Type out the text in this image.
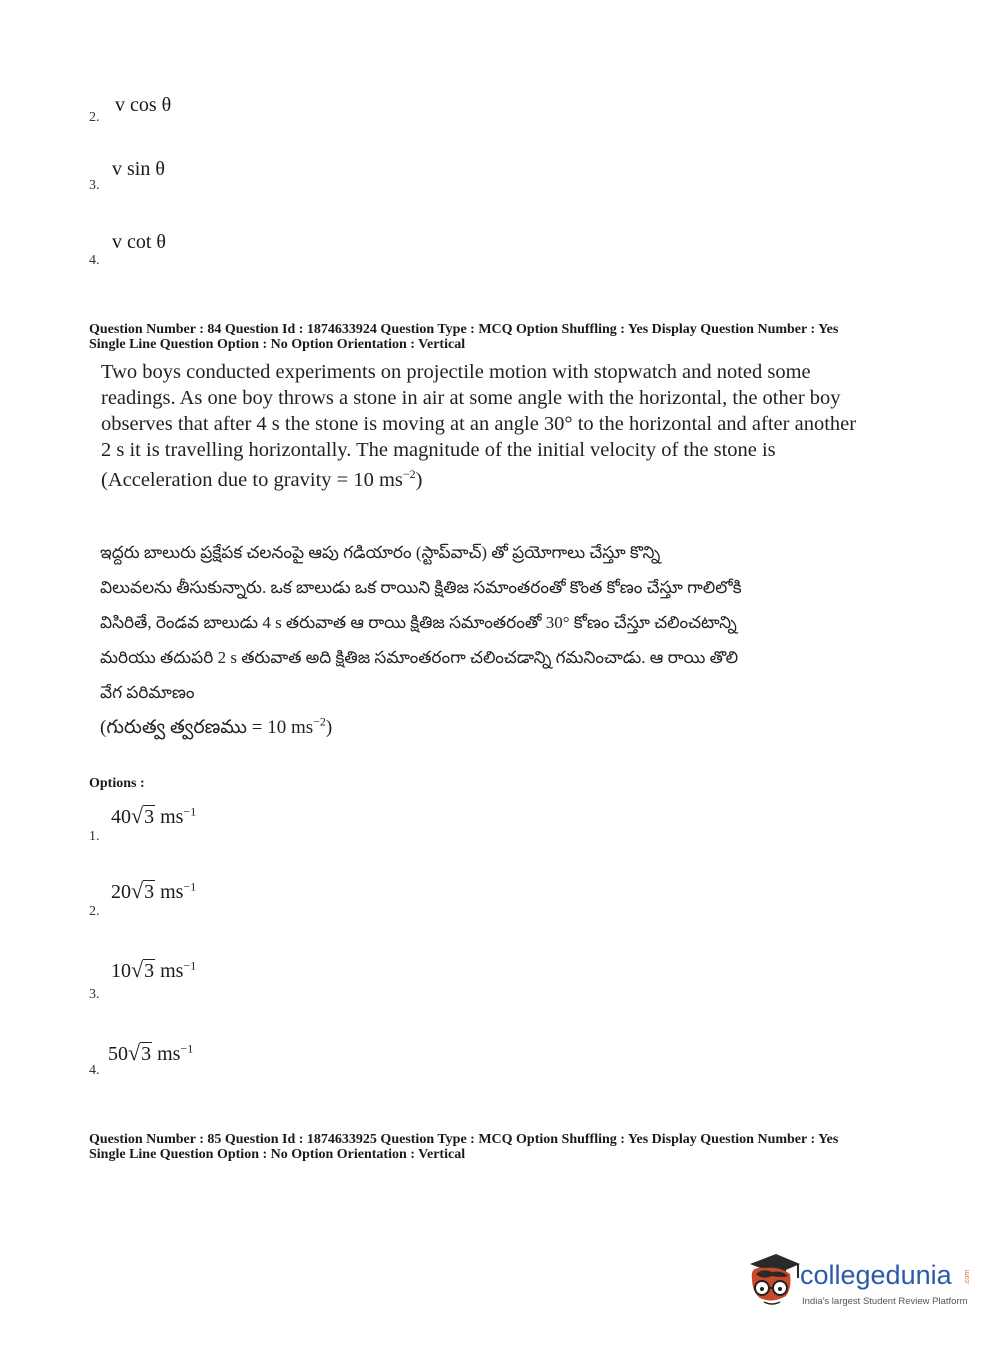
2.
v cos θ
3.
v sin θ
4.
v cot θ
Question Number : 84 Question Id : 1874633924 Question Type : MCQ Option Shuffling : Yes Display Question Number : Yes
Single Line Question Option : No Option Orientation : Vertical
Two boys conducted experiments on projectile motion with stopwatch and noted some
readings. As one boy throws a stone in air at some angle with the horizontal, the other boy
observes that after 4 s the stone is moving at an angle 30° to the horizontal and after another
2 s it is travelling horizontally. The magnitude of the initial velocity of the stone is
(Acceleration due to gravity = 10 $ms^{-2}$)
ఇద్దరు బాలురు ప్రక్షేపక చలనంపై ఆపు గడియారం (స్టాప్‌వాచ్) తో ప్రయోగాలు చేస్తూ కొన్ని
విలువలను తీసుకున్నారు. ఒక బాలుడు ఒక రాయిని క్షితిజ సమాంతరంతో కొంత కోణం చేస్తూ గాలిలోకి
విసిరితే, రెండవ బాలుడు 4 s తరువాత ఆ రాయి క్షితిజ సమాంతరంతో 30° కోణం చేస్తూ చలించటాన్ని
మరియు తదుపరి 2 s తరువాత అది క్షితిజ సమాంతరంగా చలించడాన్ని గమనించాడు. ఆ రాయి తొలి
వేగ పరిమాణం
(గురుత్వ త్వరణము = 10 $ms^{-2}$)
Options :
1.
40√3 $ms^{-1}$
2.
20√3 $ms^{-1}$
3.
10√3 $ms^{-1}$
4.
50√3 $ms^{-1}$
Question Number : 85 Question Id : 1874633925 Question Type : MCQ Option Shuffling : Yes Display Question Number : Yes
Single Line Question Option : No Option Orientation : Vertical
collegedunia .com
India's largest Student Review Platform
